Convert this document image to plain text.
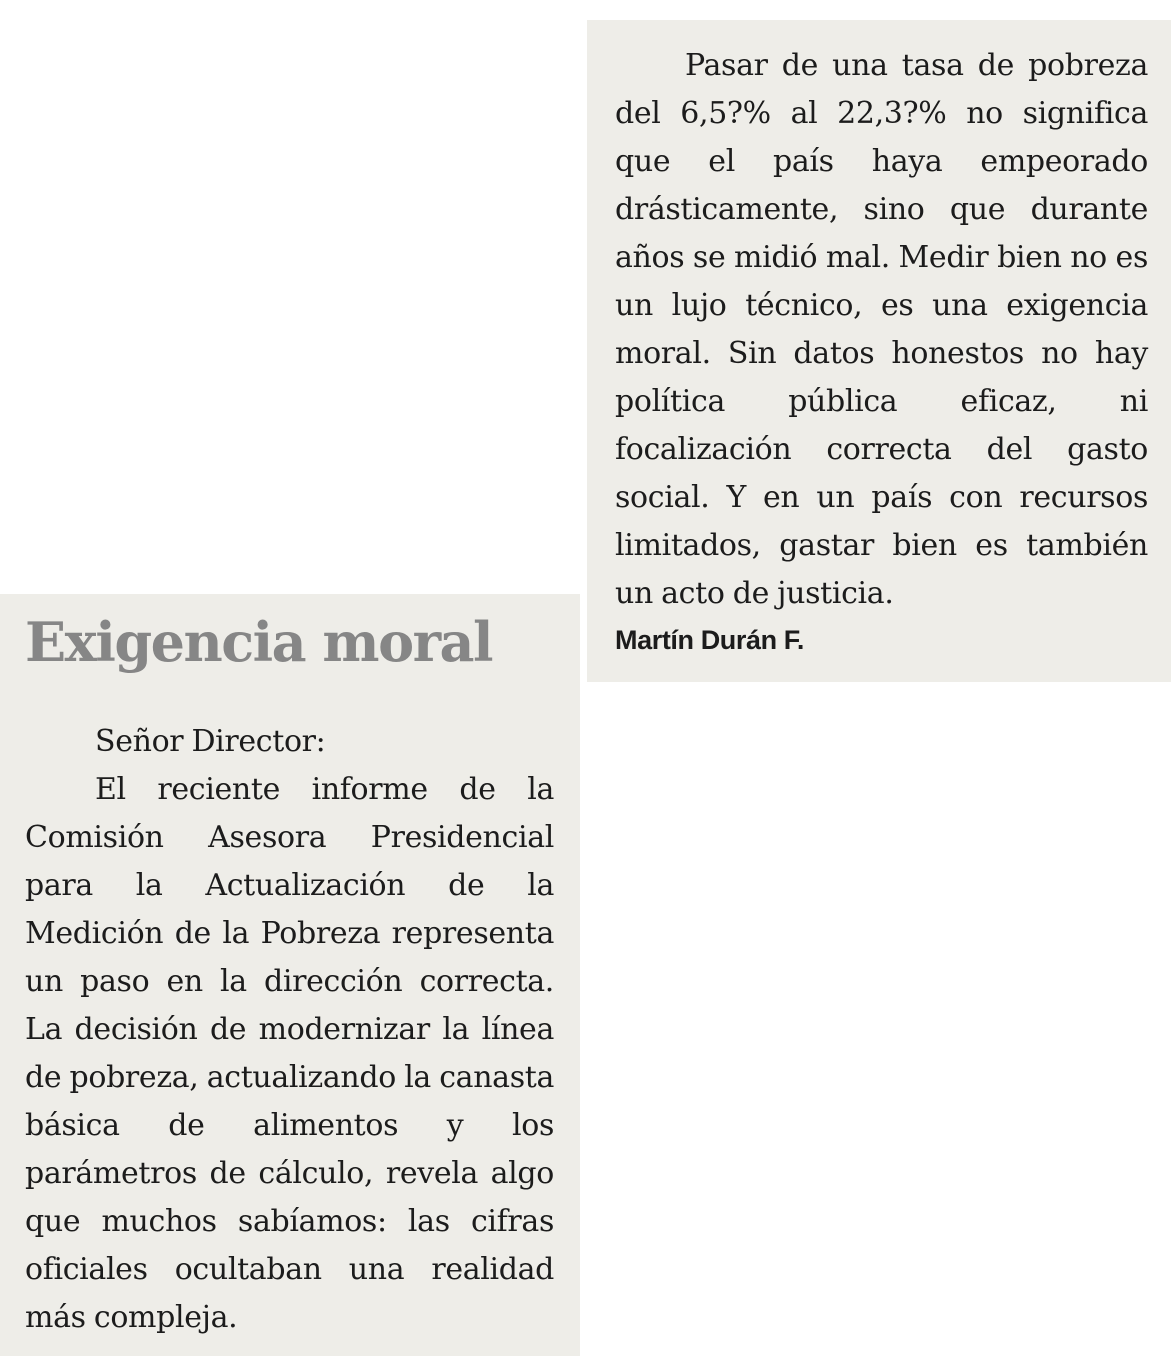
Pasar de una tasa de pobreza del 6,5?% al 22,3?% no significa que el país haya empeorado drásticamente, sino que durante años se midió mal. Medir bien no es un lujo técnico, es una exigencia moral. Sin datos honestos no hay política pública eficaz, ni focalización correcta del gasto social. Y en un país con recursos limitados, gastar bien es también un acto de justicia.

Martín Durán F.

Exigencia moral

Señor Director:

El reciente informe de la Comisión Asesora Presidencial para la Actualización de la Medición de la Pobreza representa un paso en la dirección correcta. La decisión de modernizar la línea de pobreza, actualizando la canasta básica de alimentos y los parámetros de cálculo, revela algo que muchos sabíamos: las cifras oficiales ocultaban una realidad más compleja.
